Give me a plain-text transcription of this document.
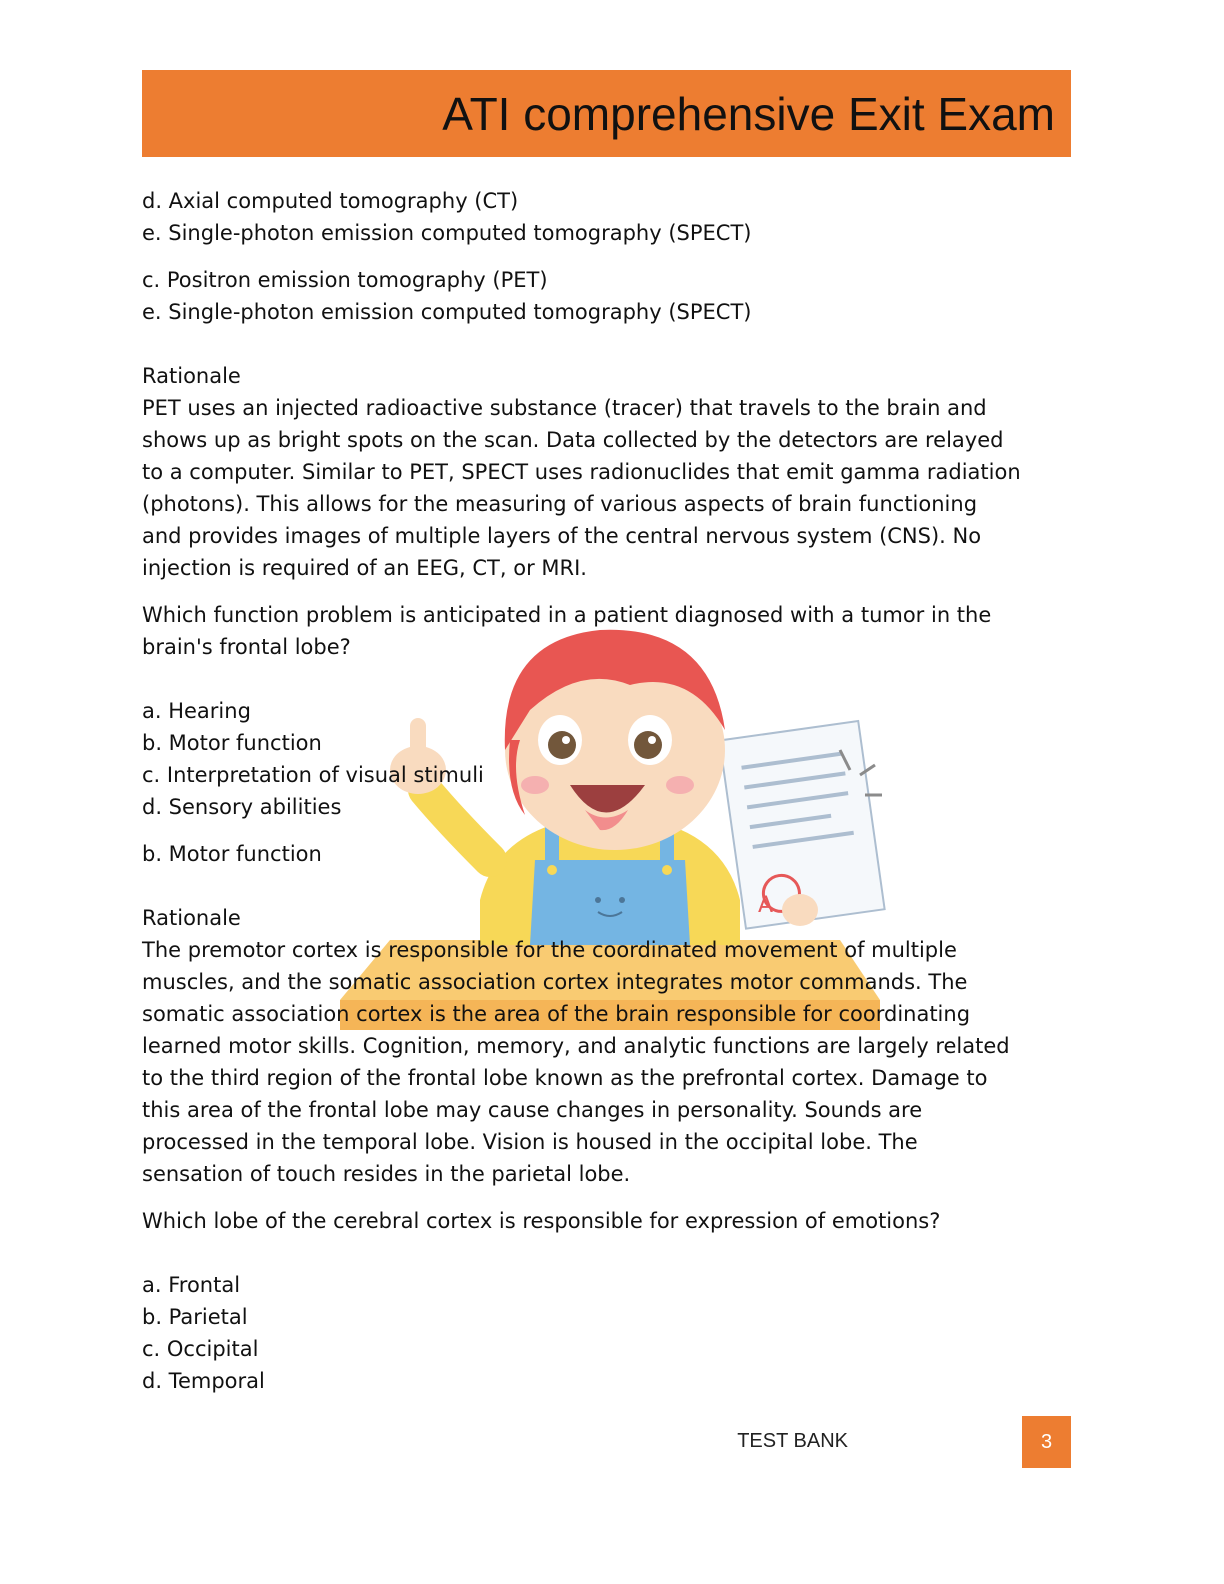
ATI comprehensive Exit Exam
A
d. Axial computed tomography (CT)
e. Single-photon emission computed tomography (SPECT)
c. Positron emission tomography (PET)
e. Single-photon emission computed tomography (SPECT)
Rationale
PET uses an injected radioactive substance (tracer) that travels to the brain and
shows up as bright spots on the scan. Data collected by the detectors are relayed
to a computer. Similar to PET, SPECT uses radionuclides that emit gamma radiation
(photons). This allows for the measuring of various aspects of brain functioning
and provides images of multiple layers of the central nervous system (CNS). No
injection is required of an EEG, CT, or MRI.
Which function problem is anticipated in a patient diagnosed with a tumor in the
brain's frontal lobe?
a. Hearing
b. Motor function
c. Interpretation of visual stimuli
d. Sensory abilities
b. Motor function
Rationale
The premotor cortex is responsible for the coordinated movement of multiple
muscles, and the somatic association cortex integrates motor commands. The
somatic association cortex is the area of the brain responsible for coordinating
learned motor skills. Cognition, memory, and analytic functions are largely related
to the third region of the frontal lobe known as the prefrontal cortex. Damage to
this area of the frontal lobe may cause changes in personality. Sounds are
processed in the temporal lobe. Vision is housed in the occipital lobe. The
sensation of touch resides in the parietal lobe.
Which lobe of the cerebral cortex is responsible for expression of emotions?
a. Frontal
b. Parietal
c. Occipital
d. Temporal
TEST BANK	3
